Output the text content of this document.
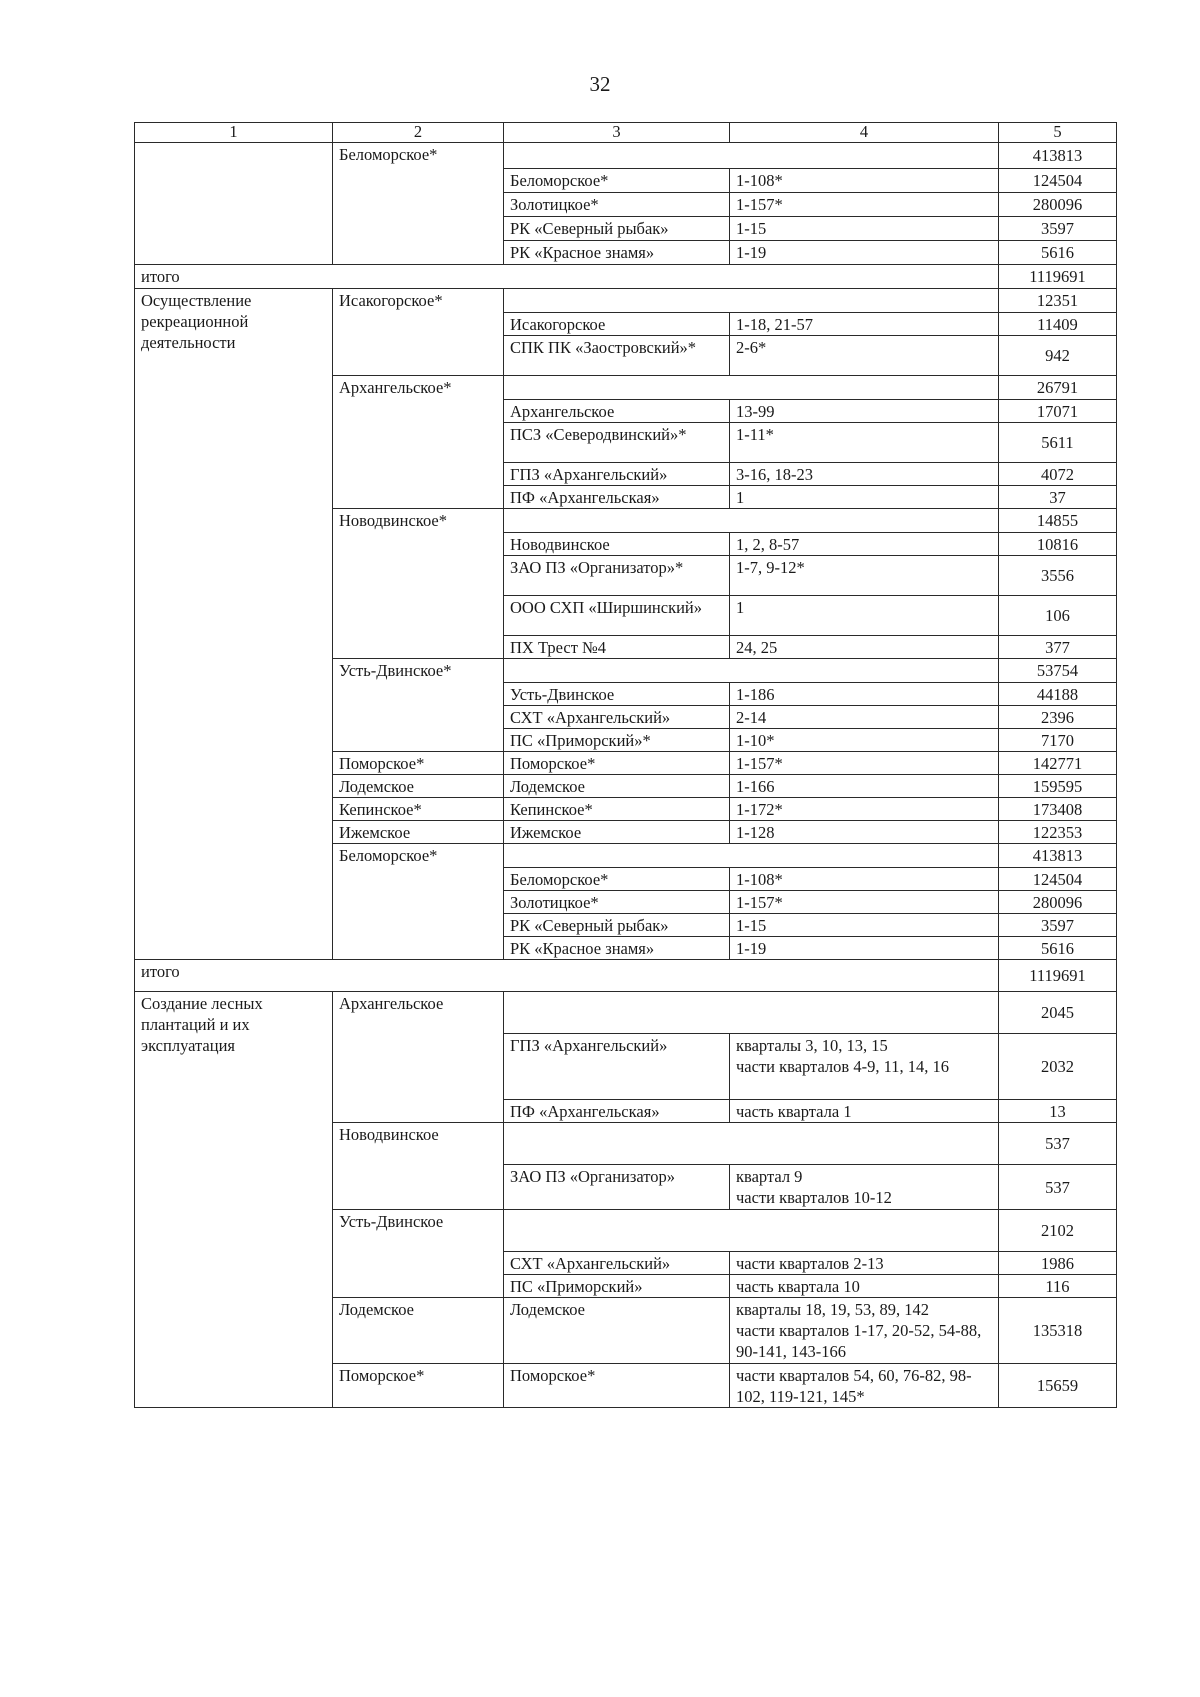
32
1	2	3	4	5
	Беломорское*			413813
		Беломорское*	1-108*	124504
		Золотицкое*	1-157*	280096
		РК «Северный рыбак»	1-15	3597
		РК «Красное знамя»	1-19	5616
итого				1119691
Осуществление рекреационной деятельности	Исакогорское*			12351
		Исакогорское	1-18, 21-57	11409
		СПК ПК «Заостровский»*	2-6*	942
	Архангельское*			26791
		Архангельское	13-99	17071
		ПСЗ «Северодвинский»*	1-11*	5611
		ГПЗ «Архангельский»	3-16, 18-23	4072
		ПФ «Архангельская»	1	37
	Новодвинское*			14855
		Новодвинское	1, 2, 8-57	10816
		ЗАО ПЗ «Организатор»*	1-7, 9-12*	3556
		ООО СХП «Ширшинский»	1	106
		ПХ Трест №4	24, 25	377
	Усть-Двинское*			53754
		Усть-Двинское	1-186	44188
		СХТ «Архангельский»	2-14	2396
		ПС «Приморский»*	1-10*	7170
	Поморское*	Поморское*	1-157*	142771
	Лодемское	Лодемское	1-166	159595
	Кепинское*	Кепинское*	1-172*	173408
	Ижемское	Ижемское	1-128	122353
	Беломорское*			413813
		Беломорское*	1-108*	124504
		Золотицкое*	1-157*	280096
		РК «Северный рыбак»	1-15	3597
		РК «Красное знамя»	1-19	5616
итого				1119691
Создание лесных плантаций и их эксплуатация	Архангельское			2045
		ГПЗ «Архангельский»	кварталы 3, 10, 13, 15
части кварталов 4-9, 11, 14, 16	2032
		ПФ «Архангельская»	часть квартала 1	13
	Новодвинское			537
		ЗАО ПЗ «Организатор»	квартал 9
части кварталов 10-12	537
	Усть-Двинское			2102
		СХТ «Архангельский»	части кварталов 2-13	1986
		ПС «Приморский»	часть квартала 10	116
	Лодемское	Лодемское	кварталы 18, 19, 53, 89, 142
части кварталов 1-17, 20-52, 54-88, 90-141, 143-166	135318
	Поморское*	Поморское*	части кварталов 54, 60, 76-82, 98-102, 119-121, 145*	15659
